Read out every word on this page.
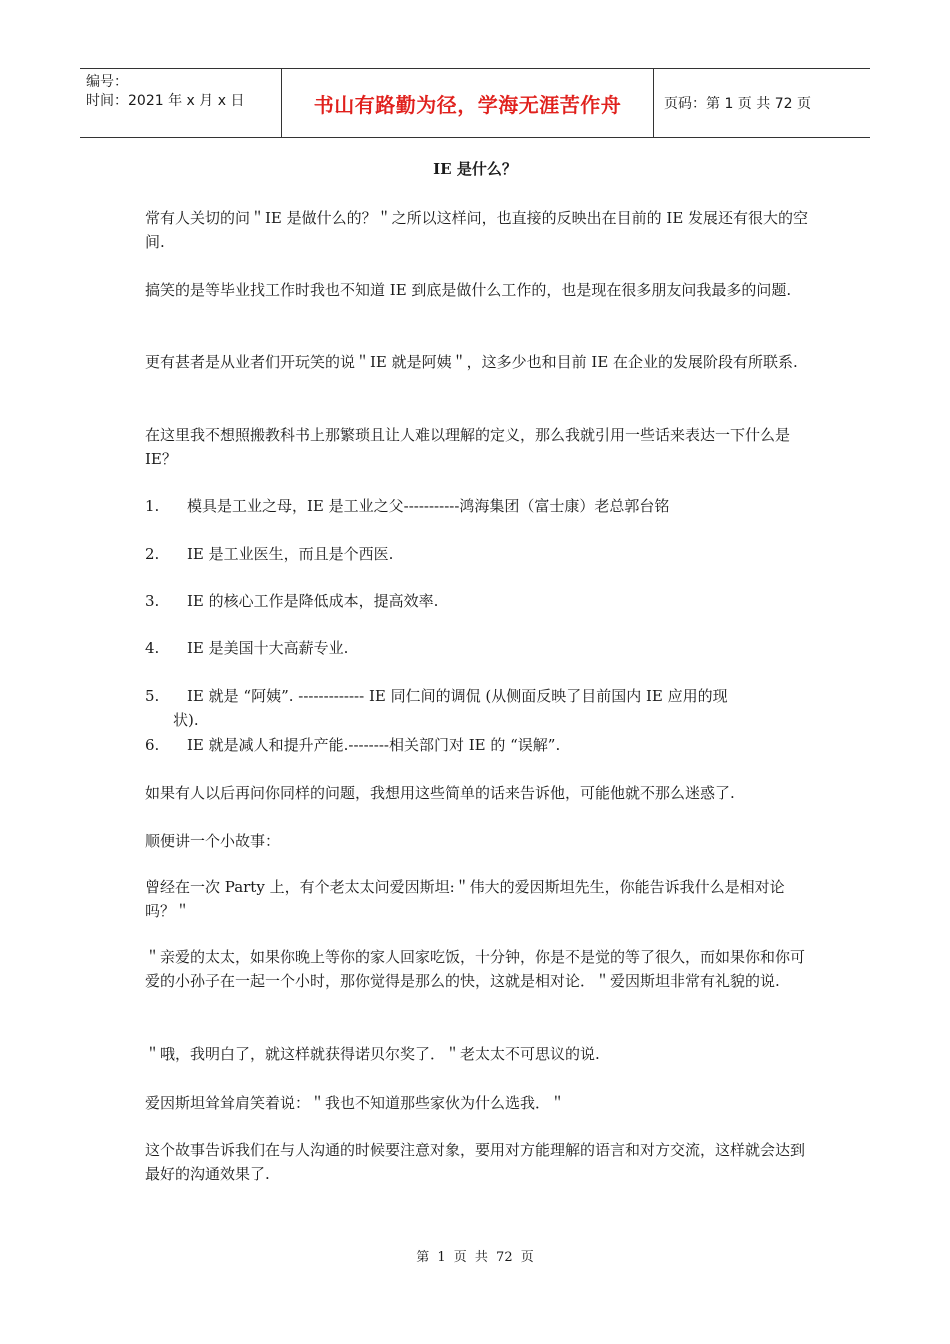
编号：
时间：2021 年 x 月 x 日	书山有路勤为径，学海无涯苦作舟	页码：第 1 页 共 72 页
IE 是什么？

常有人关切的问＂IE 是做什么的？＂之所以这样问，也直接的反映出在目前的 IE 发展还有很大的空间.

搞笑的是等毕业找工作时我也不知道 IE 到底是做什么工作的，也是现在很多朋友问我最多的问题.

更有甚者是从业者们开玩笑的说＂IE 就是阿姨＂，这多少也和目前 IE 在企业的发展阶段有所联系.

在这里我不想照搬教科书上那繁琐且让人难以理解的定义，那么我就引用一些话来表达一下什么是 IE？

1. 模具是工业之母，IE 是工业之父-----------鸿海集团（富士康）老总郭台铭
2. IE 是工业医生，而且是个西医.
3. IE 的核心工作是降低成本，提高效率.
4. IE 是美国十大高薪专业.
5. IE 就是 “阿姨”. ------------- IE 同仁间的调侃 (从侧面反映了目前国内 IE 应用的现
状).
6. IE 就是减人和提升产能.--------相关部门对 IE 的 “误解”.

如果有人以后再问你同样的问题，我想用这些简单的话来告诉他，可能他就不那么迷惑了.

顺便讲一个小故事：

曾经在一次 Party 上，有个老太太问爱因斯坦:＂伟大的爱因斯坦先生，你能告诉我什么是相对论吗？＂

＂亲爱的太太，如果你晚上等你的家人回家吃饭，十分钟，你是不是觉的等了很久，而如果你和你可爱的小孙子在一起一个小时，那你觉得是那么的快，这就是相对论．＂爱因斯坦非常有礼貌的说.

＂哦，我明白了，就这样就获得诺贝尔奖了．＂老太太不可思议的说.

爱因斯坦耸耸肩笑着说：＂我也不知道那些家伙为什么选我．＂

这个故事告诉我们在与人沟通的时候要注意对象，要用对方能理解的语言和对方交流，这样就会达到最好的沟通效果了.

第 1 页 共 72 页
